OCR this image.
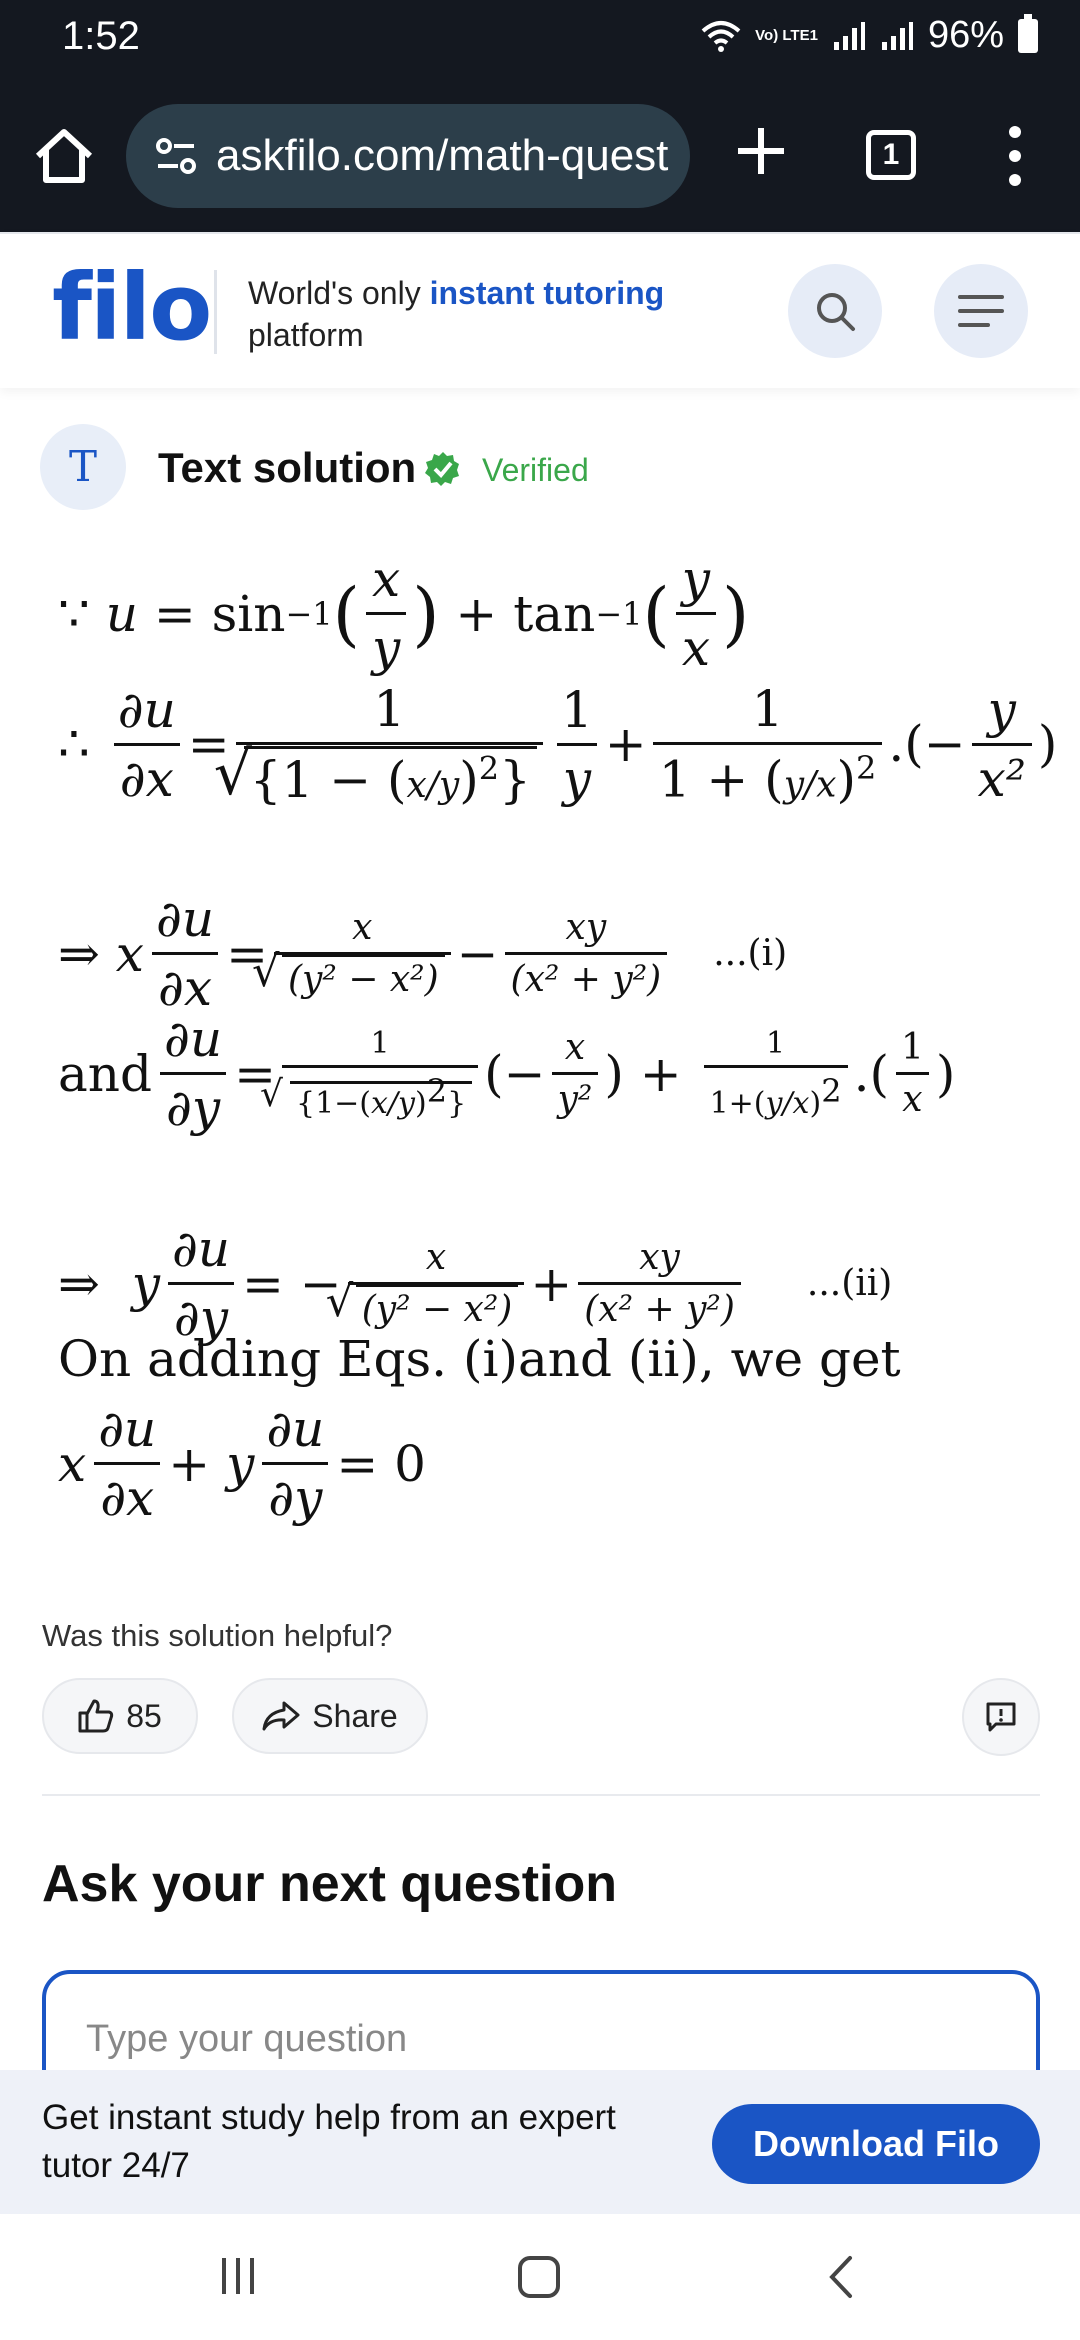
1:52	Vo) LTE1	96%
askfilo.com/math-quest	1
filo World's only instant tutoring
platform
T	Text solution Verified
∵ u = sin −1 ( $\frac{x}{y}$ ) + tan −1 ( $\frac{y}{x}$ )
∴ $\frac{\partial u}{\partial x} = 1$
√ $\{1 - (x/y)^2\} \frac{1}{y} + \frac{1}{1 + (y/x)^2}$ .(− $\frac{y}{\text{x²}}$ )
⇒ x $\frac{\partial u}{\partial x} = x$
√ $(y^2 - x^2) - \frac{xy}{\text{(x² + y²)}} ...(i)$
and $\frac{\partial u}{\partial y} = 1$
√ {1−(x/y)2} (− $\frac{x}{\text{y²}}$ ) + $\frac{1}{1+(y/x)2}$ .( $\frac{1}{x}$ )
⇒ y $\frac{\partial u}{\partial y}$ = − x
√ $(y^2 - x^2) + \frac{xy}{\text{(x² + y²)}} ...(ii)$
On adding Eqs. (i)and (ii), we get
x $\frac{\partial u}{\partial x} + y \frac{\partial u}{\partial y} = 0$
Was this solution helpful?
85	Share
Ask your next question
Type your question
Get instant study help from an expert tutor 24/7
Download Filo
